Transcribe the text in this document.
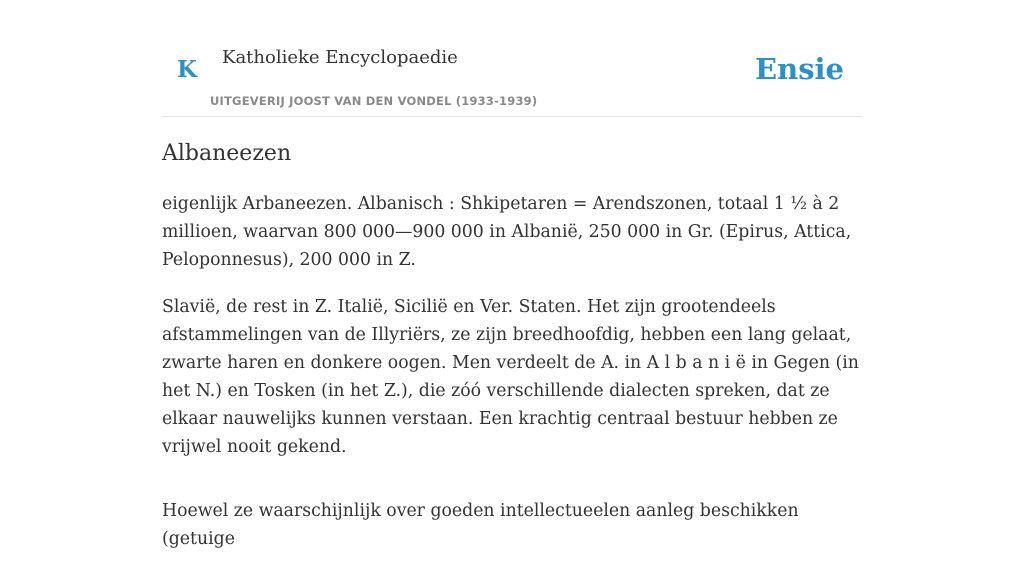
K Katholieke Encyclopaedie
UITGEVERIJ JOOST VAN DEN VONDEL (1933-1939)
Ensie
Albaneezen

eigenlijk Arbaneezen. Albanisch : Shkipetaren = Arendszonen, totaal 1 ½ à 2 millioen, waarvan 800 000—900 000 in Albanië, 250 000 in Gr. (Epirus, Attica, Peloponnesus), 200 000 in Z.

Slavië, de rest in Z. Italië, Sicilië en Ver. Staten. Het zijn grootendeels afstammelingen van de Illyriërs, ze zijn breedhoofdig, hebben een lang gelaat, zwarte haren en donkere oogen. Men verdeelt de A. in A l b a n i ë in Gegen (in het N.) en Tosken (in het Z.), die zóó verschillende dialecten spreken, dat ze elkaar nauwelijks kunnen verstaan. Een krachtig centraal bestuur hebben ze vrijwel nooit gekend.

Hoewel ze waarschijnlijk over goeden intellectueelen aanleg beschikken (getuige
